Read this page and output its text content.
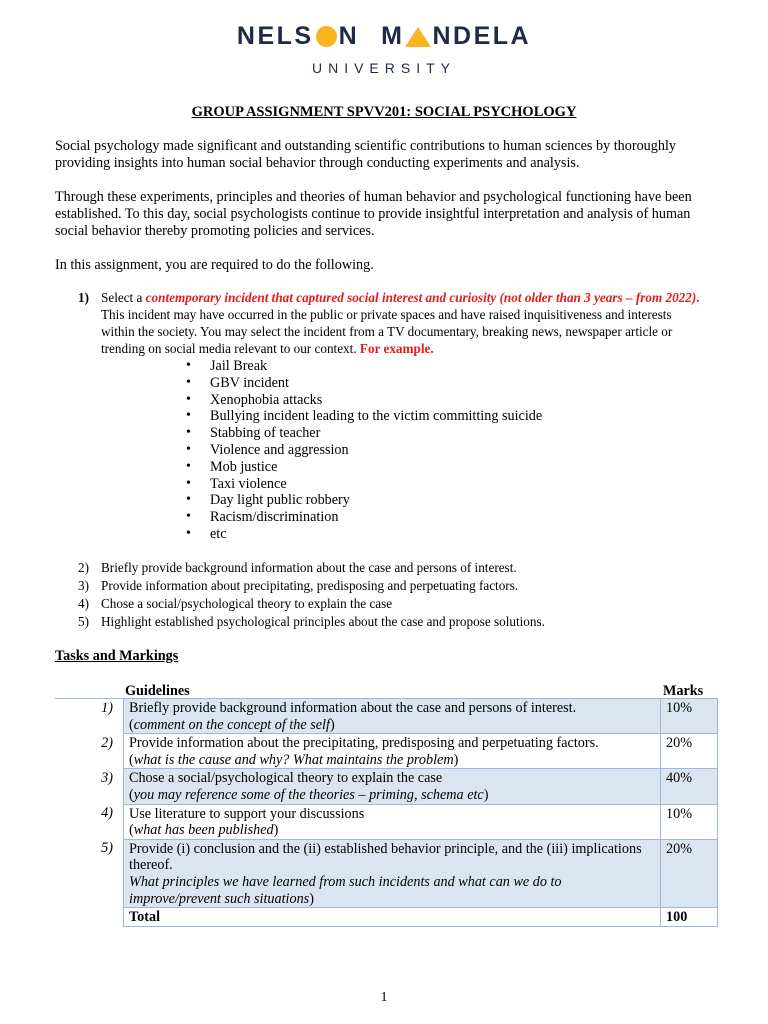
NELS N M NDELA
UNIVERSITY
GROUP ASSIGNMENT SPVV201: SOCIAL PSYCHOLOGY

Social psychology made significant and outstanding scientific contributions to human sciences by thoroughly providing insights into human social behavior through conducting experiments and analysis.

Through these experiments, principles and theories of human behavior and psychological functioning have been established. To this day, social psychologists continue to provide insightful interpretation and analysis of human social behavior thereby promoting policies and services.

In this assignment, you are required to do the following.

1) Select a contemporary incident that captured social interest and curiosity (not older than 3 years – from 2022). This incident may have occurred in the public or private spaces and have raised inquisitiveness and interests within the society. You may select the incident from a TV documentary, breaking news, newspaper article or trending on social media relevant to our context. For example.
• Jail Break
• GBV incident
• Xenophobia attacks
• Bullying incident leading to the victim committing suicide
• Stabbing of teacher
• Violence and aggression
• Mob justice
• Taxi violence
• Day light public robbery
• Racism/discrimination
• etc
2) Briefly provide background information about the case and persons of interest.
3) Provide information about precipitating, predisposing and perpetuating factors.
4) Chose a social/psychological theory to explain the case
5) Highlight established psychological principles about the case and propose solutions.
Tasks and Markings
Guidelines	Marks
1)	Briefly provide background information about the case and persons of interest.
(comment on the concept of the self)	10%
2)	Provide information about the precipitating, predisposing and perpetuating factors.
(what is the cause and why? What maintains the problem)	20%
3)	Chose a social/psychological theory to explain the case
(you may reference some of the theories – priming, schema etc)	40%
4)	Use literature to support your discussions
(what has been published)	10%
5)	Provide (i) conclusion and the (ii) established behavior principle, and the (iii) implications thereof.
What principles we have learned from such incidents and what can we do to improve/prevent such situations)	20%
	Total	100
1
